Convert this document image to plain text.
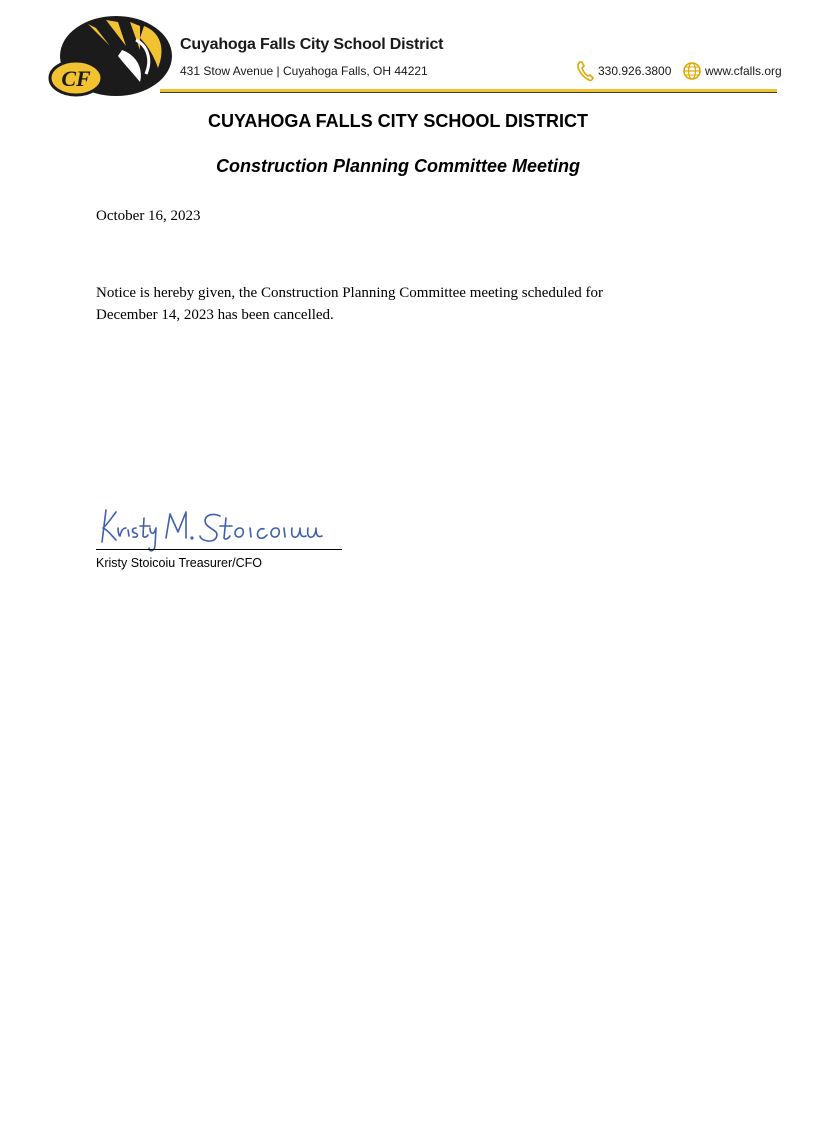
CF
Cuyahoga Falls City School District
431 Stow Avenue | Cuyahoga Falls, OH 44221	330.926.3800	www.cfalls.org
CUYAHOGA FALLS CITY SCHOOL DISTRICT
Construction Planning Committee Meeting
October 16, 2023
Notice is hereby given, the Construction Planning Committee meeting scheduled for December 14, 2023 has been cancelled.
Kristy Stoicoiu Treasurer/CFO
